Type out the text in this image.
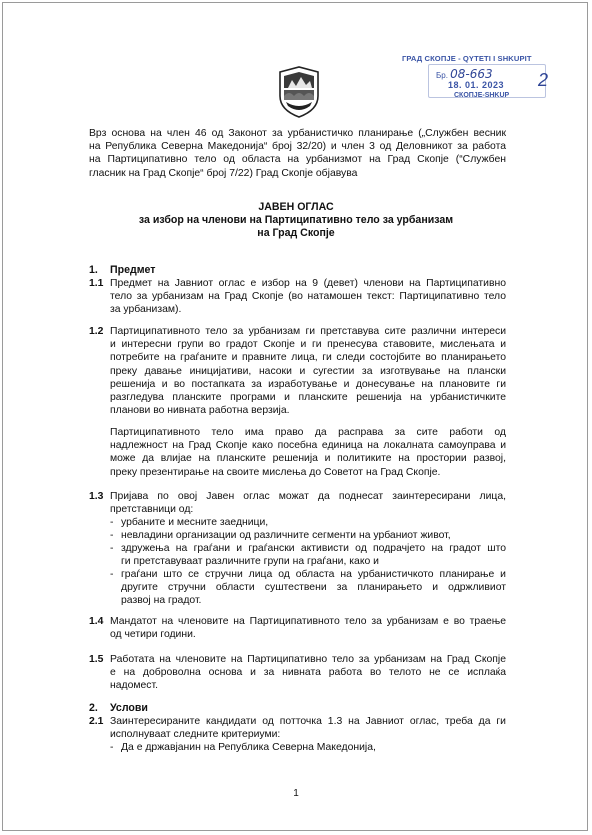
ГРАД СКОПЈЕ - QYTETI I SHKUPIT
Бр. 08-663	2
18. 01. 2023
СКОПЈЕ-SHKUP
Врз основа на член 46 од Законот за урбанистичко планирање („Службен весник
на Република Северна Македонија“ број 32/20) и член 3 од Деловникот за работа
на Партиципативно тело од областа на урбанизмот на Град Скопје (“Службен
гласник на Град Скопје“ број 7/22) Град Скопје објавува
ЈАВЕН ОГЛАС
за избор на членови на Партиципативно тело за урбанизам
на Град Скопје
1. Предмет
1.1 Предмет на Јавниот оглас е избор на 9 (девет) членови на Партиципативно
тело за урбанизам на Град Скопје (во натамошен текст: Партиципативно тело
за урбанизам).
1.2 Партиципативното тело за урбанизам ги претставува сите различни интереси
и интересни групи во градот Скопје и ги пренесува ставовите, мислењата и
потребите на граѓаните и правните лица, ги следи состојбите во планирањето
преку давање иницијативи, насоки и сугестии за изготвување на плански
решенија и во постапката за изработување и донесување на плановите ги
разгледува планските програми и планските решенија на урбанистичките
планови во нивната работна верзија.
Партиципативното тело има право да расправа за сите работи од
надлежност на Град Скопје како посебна единица на локалната самоуправа и
може да влијае на планските решенија и политиките на простории развој,
преку презентирање на своите мислења до Советот на Град Скопје.
1.3 Пријава по овој Јавен оглас можат да поднесат заинтересирани лица,
претставници од:
- урбаните и месните заедници,
- невладини организации од различните сегменти на урбаниот живот,
- здружења на граѓани и граѓански активисти од подрачјето на градот што
ги претставуваат различните групи на граѓани, како и
- граѓани што се стручни лица од областа на урбанистичкото планирање и
другите стручни области суштествени за планирањето и одржливиот
развој на градот.
1.4 Мандатот на членовите на Партиципативното тело за урбанизам е во траење
од четири години.
1.5 Работата на членовите на Партиципативно тело за урбанизам на Град Скопје
е на доброволна основа и за нивната работа во телото не се исплаќа
надомест.
2. Услови
2.1 Заинтересираните кандидати од потточка 1.3 на Јавниот оглас, треба да ги
исполнуваат следните критериуми:
- Да е државјанин на Република Северна Македонија,
1
